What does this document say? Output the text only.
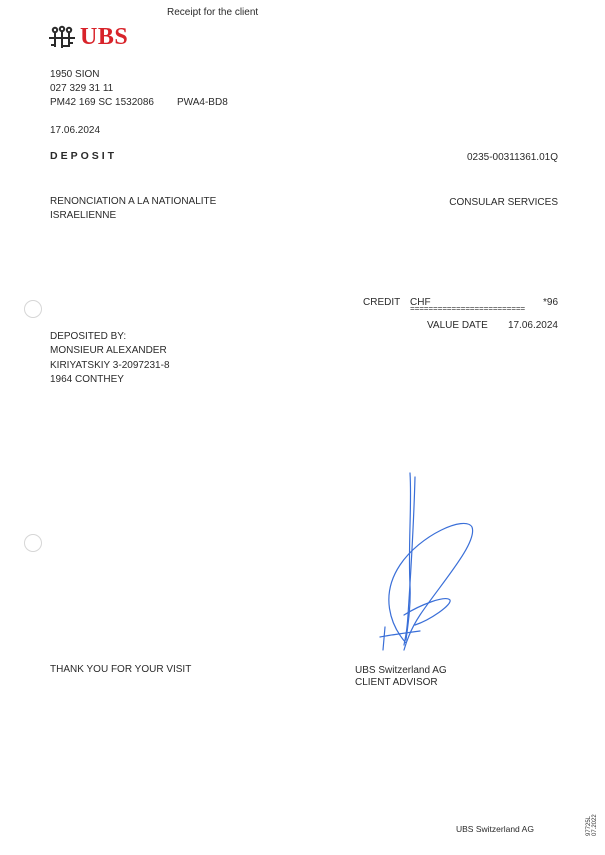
Receipt for the client
UBS
1950 SION
027 329 31 11
PM42 169 SC 1532086 PWA4-BD8
17.06.2024
DEPOSIT	0235-00311361.01Q
RENONCIATION A LA NATIONALITE
ISRAELIENNE
CONSULAR SERVICES
CREDIT CHF	*96
=========================
VALUE DATE 17.06.2024
DEPOSITED BY:
MONSIEUR ALEXANDER
KIRIYATSKIY 3-2097231-8
1964 CONTHEY
THANK YOU FOR YOUR VISIT	UBS Switzerland AG
CLIENT ADVISOR
UBS Switzerland AG	97725L 07.2022
